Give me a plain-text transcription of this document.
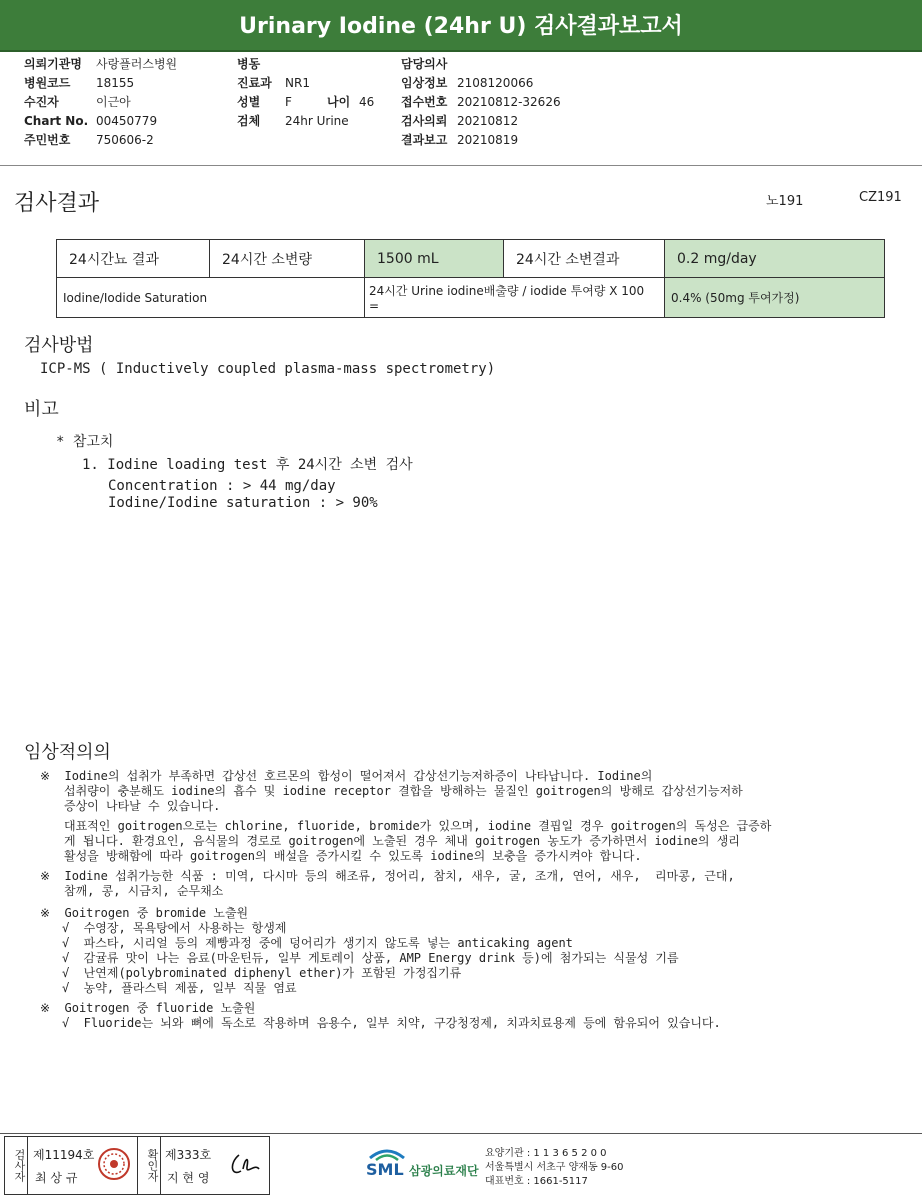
Urinary Iodine (24hr U) 검사결과보고서
의뢰기관명 사랑플러스병원
병원코드 18155
수진자	이근아
Chart No. 00450779
주민번호 750606-2
병동
진료과 NR1
성별 F	나이 46
검체 24hr Urine
담당의사
임상정보 2108120066
접수번호 20210812-32626
검사의뢰 20210812
결과보고 20210819
검사결과	노191	CZ191
24시간뇨 결과	24시간 소변량	1500 mL	24시간 소변결과	0.2 mg/day
Iodine/Iodide Saturation		24시간 Urine iodine배출량 / iodide 투여량 X 100 =		0.4% (50mg 투여가정)
검사방법
ICP-MS ( Inductively coupled plasma-mass spectrometry)
비고
* 참고치
1. Iodine loading test 후 24시간 소변 검사
Concentration : > 44 mg/day
Iodine/Iodine saturation : > 90%
임상적의의
※  Iodine의 섭취가 부족하면 갑상선 호르몬의 합성이 떨어져서 갑상선기능저하증이 나타납니다. Iodine의
섭취량이 충분해도 iodine의 흡수 및 iodine receptor 결합을 방해하는 물질인 goitrogen의 방해로 갑상선기능저하
증상이 나타날 수 있습니다.
대표적인 goitrogen으로는 chlorine, fluoride, bromide가 있으며, iodine 결핍일 경우 goitrogen의 독성은 급증하
게 됩니다. 환경요인, 음식물의 경로로 goitrogen에 노출된 경우 체내 goitrogen 농도가 증가하면서 iodine의 생리
활성을 방해함에 따라 goitrogen의 배설을 증가시킬 수 있도록 iodine의 보충을 증가시켜야 합니다.
※  Iodine 섭취가능한 식품 : 미역, 다시마 등의 해조류, 정어리, 참치, 새우, 굴, 조개, 연어, 새우,  리마콩, 근대,
참깨, 콩, 시금치, 순무채소
※  Goitrogen 중 bromide 노출원
√  수영장, 목욕탕에서 사용하는 항생제
√  파스타, 시리얼 등의 제빵과정 중에 덩어리가 생기지 않도록 넣는 anticaking agent
√  감귤류 맛이 나는 음료(마운틴듀, 일부 게토레이 상품, AMP Energy drink 등)에 첨가되는 식물성 기름
√  난연제(polybrominated diphenyl ether)가 포함된 가정집기류
√  농약, 플라스틱 제품, 일부 직물 염료
※  Goitrogen 중 fluoride 노출원
√  Fluoride는 뇌와 뼈에 독소로 작용하며 음용수, 일부 치약, 구강청정제, 치과치료용제 등에 함유되어 있습니다.
검사자 제11194호
최 상 규	확인자 제333호
지 현 영	SML 삼광의료재단
요양기관 : 1 1 3 6 5 2 0 0
서울특별시 서초구 양재동 9-60
대표번호 : 1661-5117
